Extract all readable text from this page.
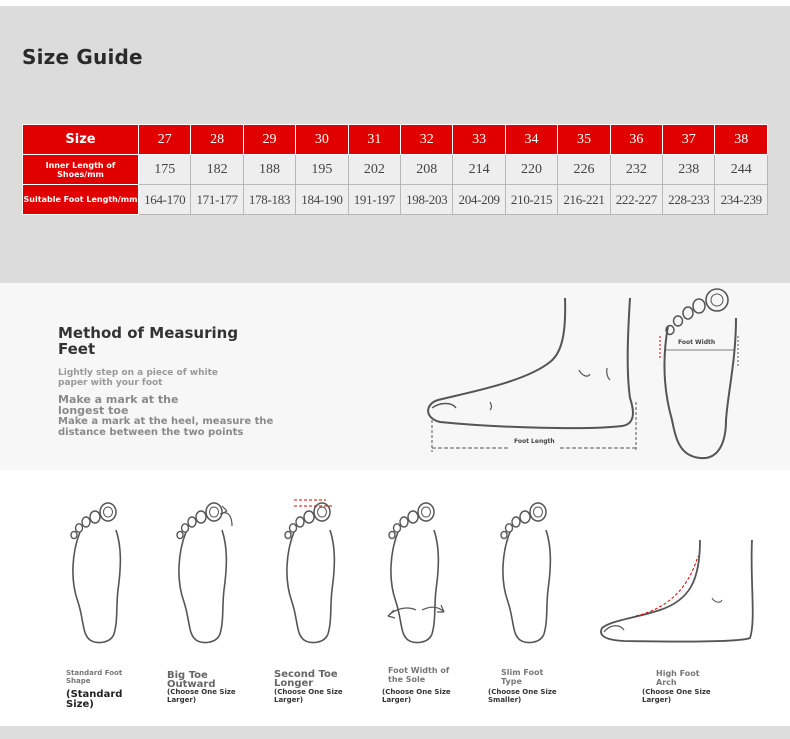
Size Guide
Size	27	28	29	30	31	32	33	34	35	36	37	38
Inner Length of Shoes/mm	175	182	188	195	202	208	214	220	226	232	238	244
Suitable Foot Length/mm	164-170	171-177	178-183	184-190	191-197	198-203	204-209	210-215	216-221	222-227	228-233	234-239
Method of Measuring Feet
Lightly step on a piece of white paper with your foot
Make a mark at the longest toe
Make a mark at the heel, measure the distance between the two points
Foot Length
Foot Width
Standard Foot Shape
(Standard Size)
Big Toe Outward
(Choose One Size Larger)
Second Toe Longer
(Choose One Size Larger)
Foot Width of the Sole
(Choose One Size Larger)
Slim Foot Type
(Choose One Size Smaller)
High Foot Arch
(Choose One Size Larger)
